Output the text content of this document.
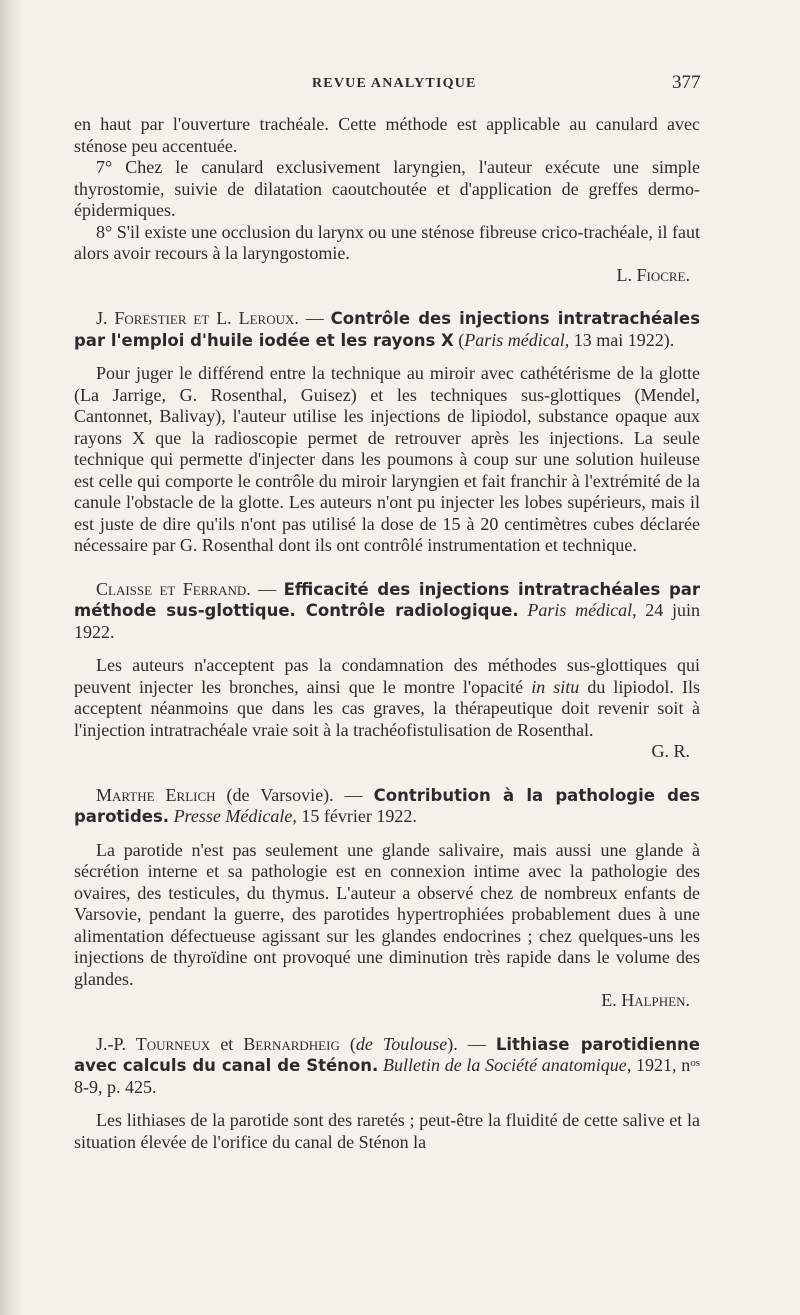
REVUE ANALYTIQUE	377

en haut par l'ouverture trachéale. Cette méthode est applicable au canulard avec sténose peu accentuée.

7° Chez le canulard exclusivement laryngien, l'auteur exécute une simple thyrostomie, suivie de dilatation caoutchoutée et d'application de greffes dermo-épidermiques.

8° S'il existe une occlusion du larynx ou une sténose fibreuse crico-trachéale, il faut alors avoir recours à la laryngostomie.

L. Fiocre.

J. Forestier et L. Leroux. — Contrôle des injections intratrachéales par l'emploi d'huile iodée et les rayons X (Paris médical, 13 mai 1922).

Pour juger le différend entre la technique au miroir avec cathétérisme de la glotte (La Jarrige, G. Rosenthal, Guisez) et les techniques sus-glottiques (Mendel, Cantonnet, Balivay), l'auteur utilise les injections de lipiodol, substance opaque aux rayons X que la radioscopie permet de retrouver après les injections. La seule technique qui permette d'injecter dans les poumons à coup sur une solution huileuse est celle qui comporte le contrôle du miroir laryngien et fait franchir à l'extrémité de la canule l'obstacle de la glotte. Les auteurs n'ont pu injecter les lobes supérieurs, mais il est juste de dire qu'ils n'ont pas utilisé la dose de 15 à 20 centimètres cubes déclarée nécessaire par G. Rosenthal dont ils ont contrôlé instrumentation et technique.

Claisse et Ferrand. — Efficacité des injections intratrachéales par méthode sus-glottique. Contrôle radiologique. Paris médical, 24 juin 1922.

Les auteurs n'acceptent pas la condamnation des méthodes sus-glottiques qui peuvent injecter les bronches, ainsi que le montre l'opacité in situ du lipiodol. Ils acceptent néanmoins que dans les cas graves, la thérapeutique doit revenir soit à l'injection intratrachéale vraie soit à la trachéofistulisation de Rosenthal.

G. R.

Marthe Erlich (de Varsovie). — Contribution à la pathologie des parotides. Presse Médicale, 15 février 1922.

La parotide n'est pas seulement une glande salivaire, mais aussi une glande à sécrétion interne et sa pathologie est en connexion intime avec la pathologie des ovaires, des testicules, du thymus. L'auteur a observé chez de nombreux enfants de Varsovie, pendant la guerre, des parotides hypertrophiées probablement dues à une alimentation défectueuse agissant sur les glandes endocrines ; chez quelques-uns les injections de thyroïdine ont provoqué une diminution très rapide dans le volume des glandes.

E. Halphen.

J.-P. Tourneux et Bernardheig (de Toulouse). — Lithiase parotidienne avec calculs du canal de Sténon. Bulletin de la Société anatomique, 1921, $n^{os}$ 8-9, p. 425.

Les lithiases de la parotide sont des raretés ; peut-être la fluidité de cette salive et la situation élevée de l'orifice du canal de Sténon la
